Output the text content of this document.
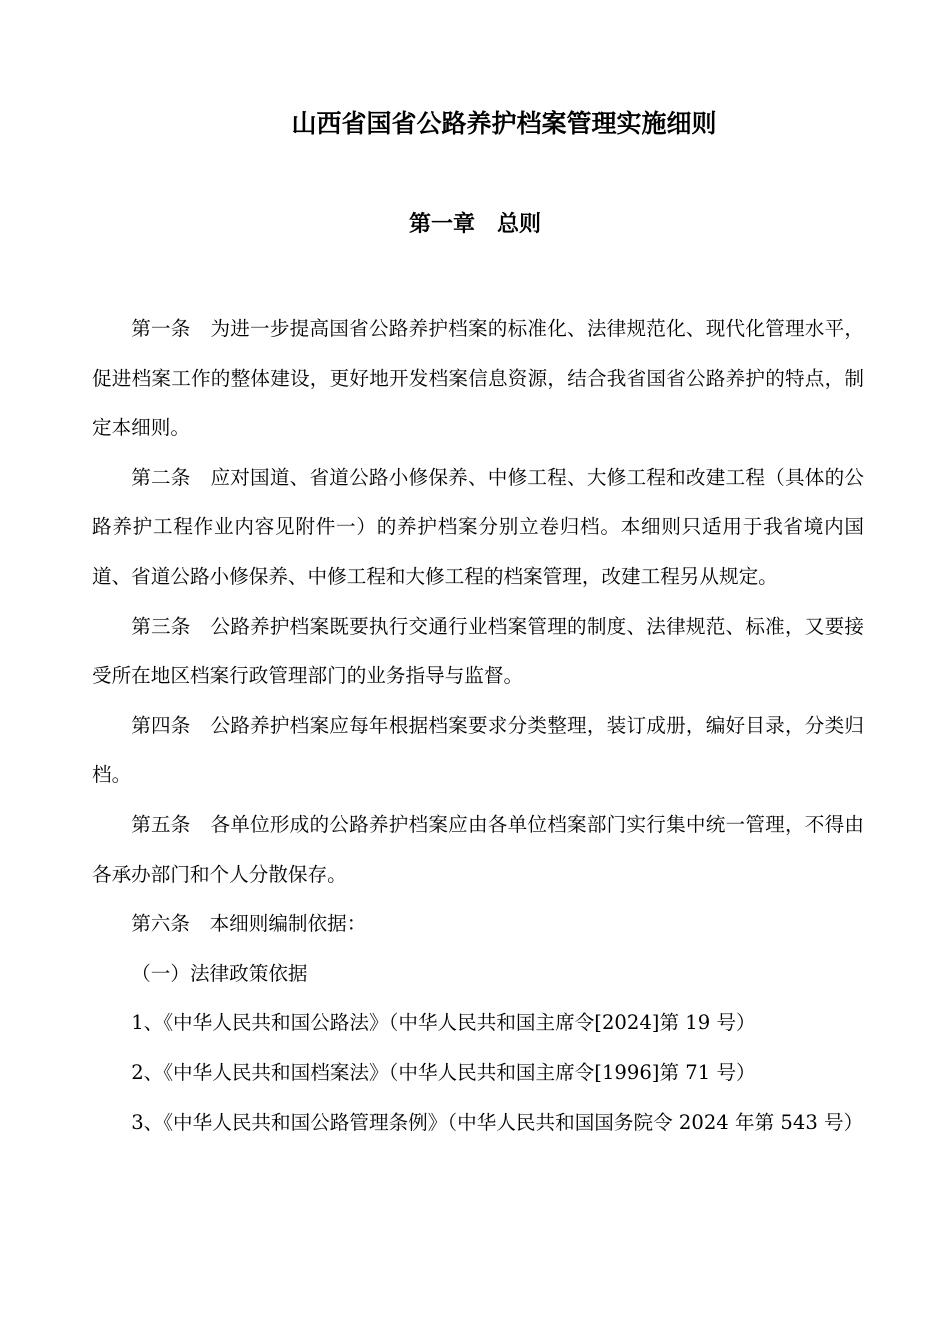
山西省国省公路养护档案管理实施细则
第一章　总则

第一条　 为进一步提高国省公路养护档案的标准化、法律规范化、现代化管理水平，促进档案工作的整体建设，更好地开发档案信息资源，结合我省国省公路养护的特点，制定本细则。

第二条　 应对国道、省道公路小修保养、中修工程、大修工程和改建工程（具体的公路养护工程作业内容见附件一）的养护档案分别立卷归档。本细则只适用于我省境内国道、省道公路小修保养、中修工程和大修工程的档案管理，改建工程另从规定。

第三条　 公路养护档案既要执行交通行业档案管理的制度、法律规范、标准，又要接受所在地区档案行政管理部门的业务指导与监督。

第四条　 公路养护档案应每年根据档案要求分类整理，装订成册，编好目录，分类归档。

第五条　 各单位形成的公路养护档案应由各单位档案部门实行集中统一管理，不得由各承办部门和个人分散保存。

第六条　 本细则编制依据：

（一）法律政策依据

1、《中华人民共和国公路法》（中华人民共和国主席令[2024]第 19 号）

2、《中华人民共和国档案法》（中华人民共和国主席令[1996]第 71 号）

3、《中华人民共和国公路管理条例》（中华人民共和国国务院令 2024 年第 543 号）
